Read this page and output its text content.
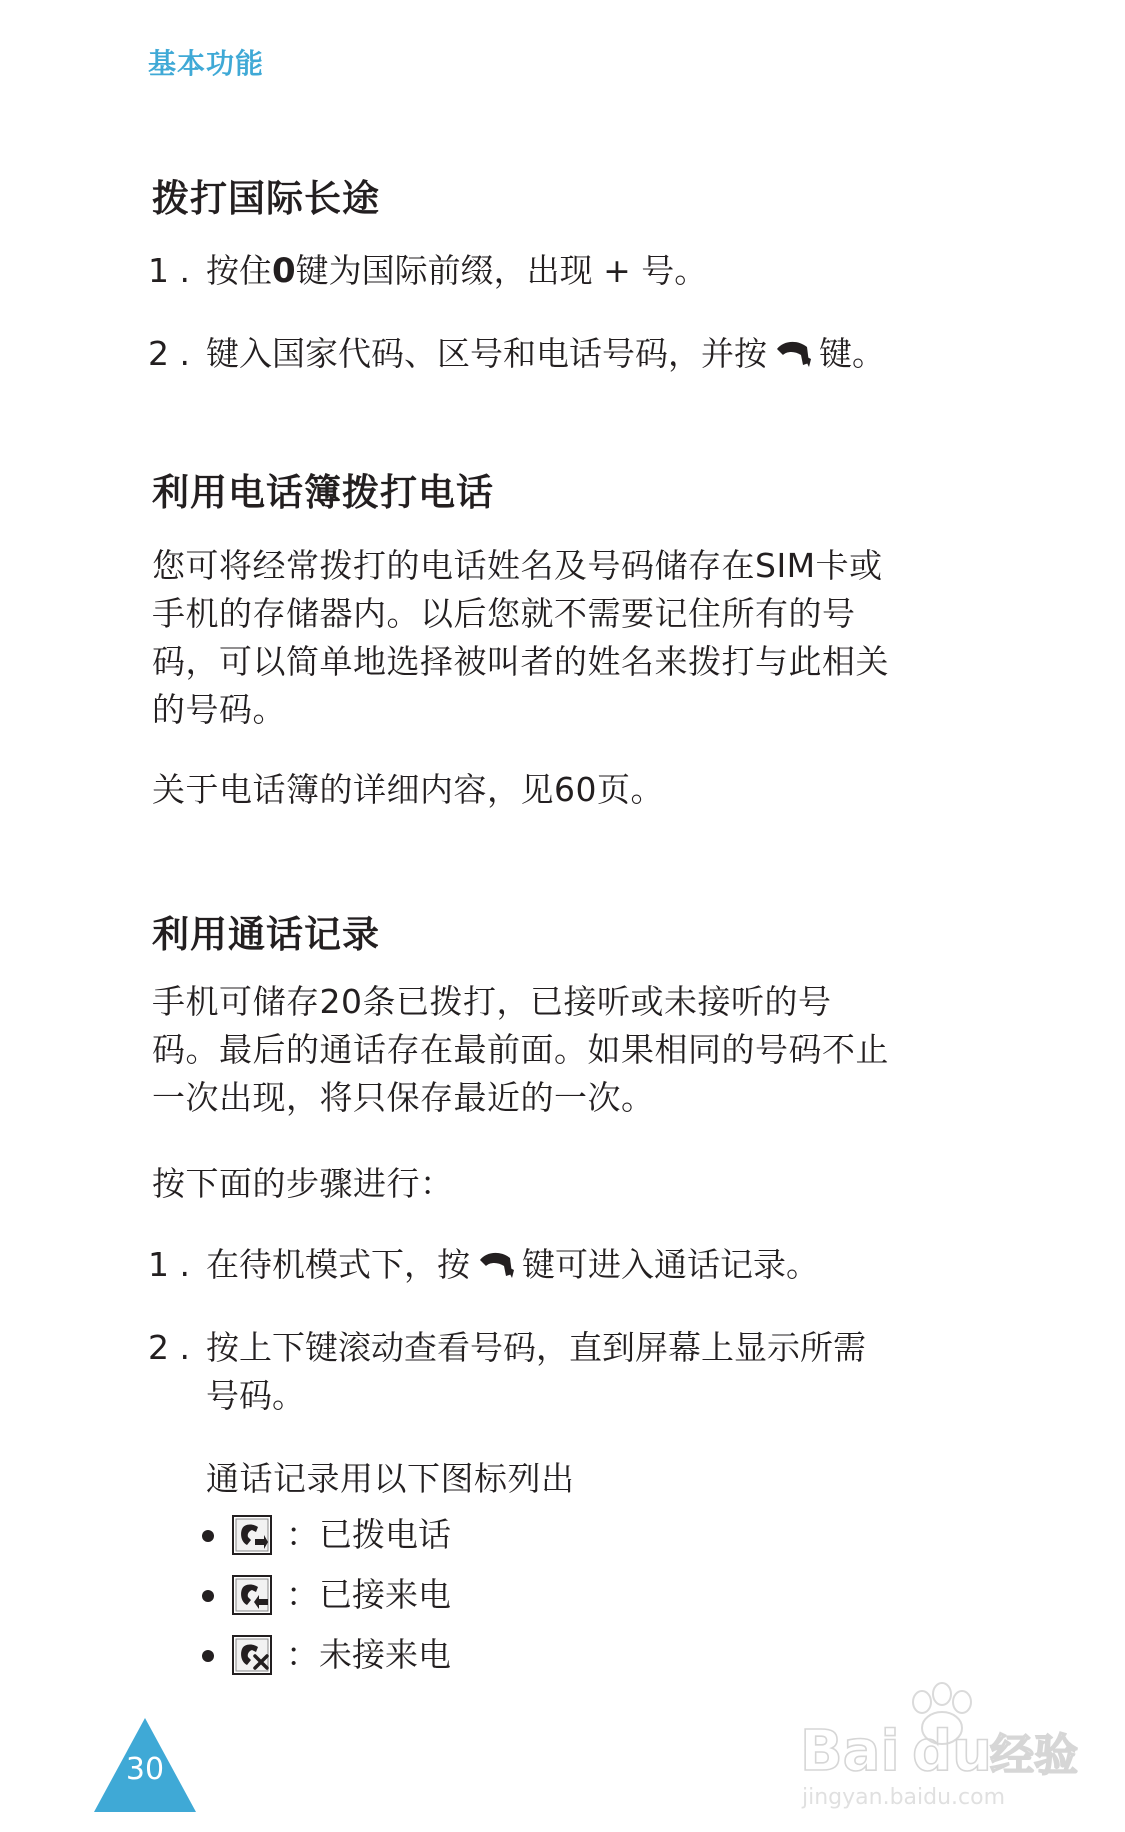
基本功能
拨打国际长途
1 . 按住0键为国际前缀，出现 + 号。
2 . 键入国家代码、区号和电话号码，并按 键。
利用电话簿拨打电话
您可将经常拨打的电话姓名及号码储存在SIM卡或手机的存储器内。以后您就不需要记住所有的号码，可以简单地选择被叫者的姓名来拨打与此相关的号码。
关于电话簿的详细内容，见60页。
利用通话记录
手机可储存20条已拨打，已接听或未接听的号码。最后的通话存在最前面。如果相同的号码不止一次出现，将只保存最近的一次。
按下面的步骤进行：
1 . 在待机模式下，按 键可进入通话记录。
2 . 按上下键滚动查看号码，直到屏幕上显示所需号码。
通话记录用以下图标列出
：已拨电话
：已接来电
：未接来电
30	Bai du
经验
jingyan.baidu.com
